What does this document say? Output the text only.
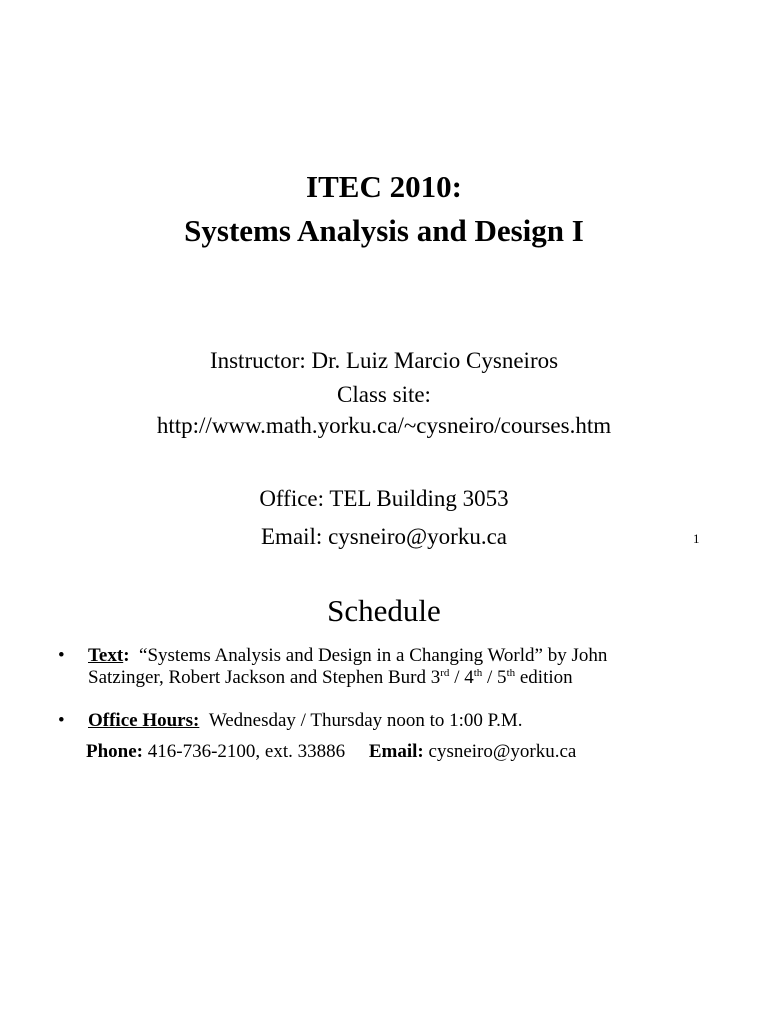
ITEC 2010:
Systems Analysis and Design I
Instructor: Dr. Luiz Marcio Cysneiros
Class site:
http://www.math.yorku.ca/~cysneiro/courses.htm
Office: TEL Building 3053
Email: cysneiro@yorku.ca	1
Schedule
• Text: “Systems Analysis and Design in a Changing World” by John
Satzinger, Robert Jackson and Stephen Burd 3rd / 4th / 5th edition
• Office Hours: Wednesday / Thursday noon to 1:00 P.M.
Phone: 416-736-2100, ext. 33886 Email: cysneiro@yorku.ca
